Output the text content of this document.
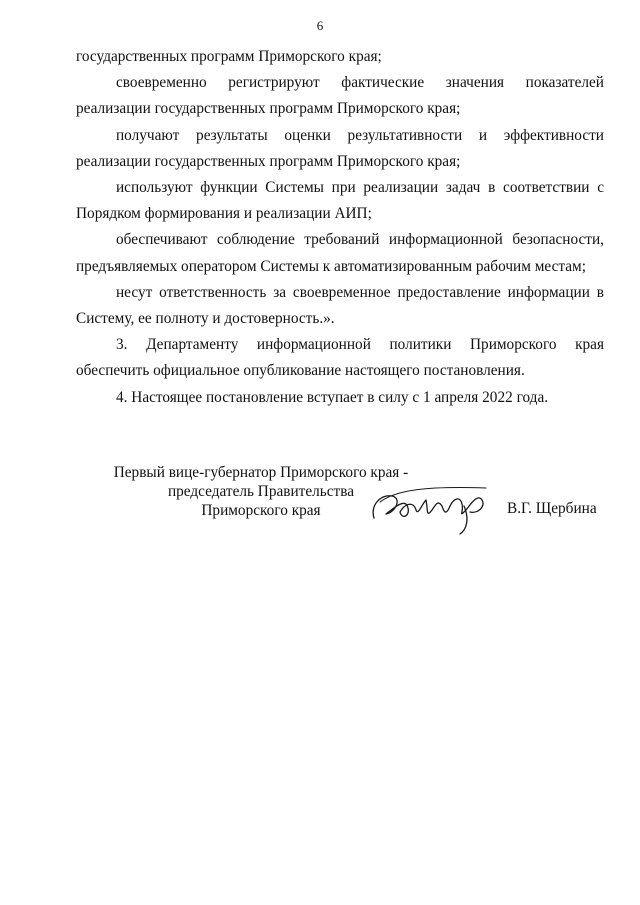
6

государственных программ Приморского края;

своевременно регистрируют фактические значения показателей реализации государственных программ Приморского края;

получают результаты оценки результативности и эффективности реализации государственных программ Приморского края;

используют функции Системы при реализации задач в соответствии с Порядком формирования и реализации АИП;

обеспечивают соблюдение требований информационной безопасности, предъявляемых оператором Системы к автоматизированным рабочим местам;

несут ответственность за своевременное предоставление информации в Систему, ее полноту и достоверность.».

3. Департаменту информационной политики Приморского края обеспечить официальное опубликование настоящего постановления.

4. Настоящее постановление вступает в силу с 1 апреля 2022 года.

Первый вице-губернатор Приморского края -
председатель Правительства
Приморского края	В.Г. Щербина
